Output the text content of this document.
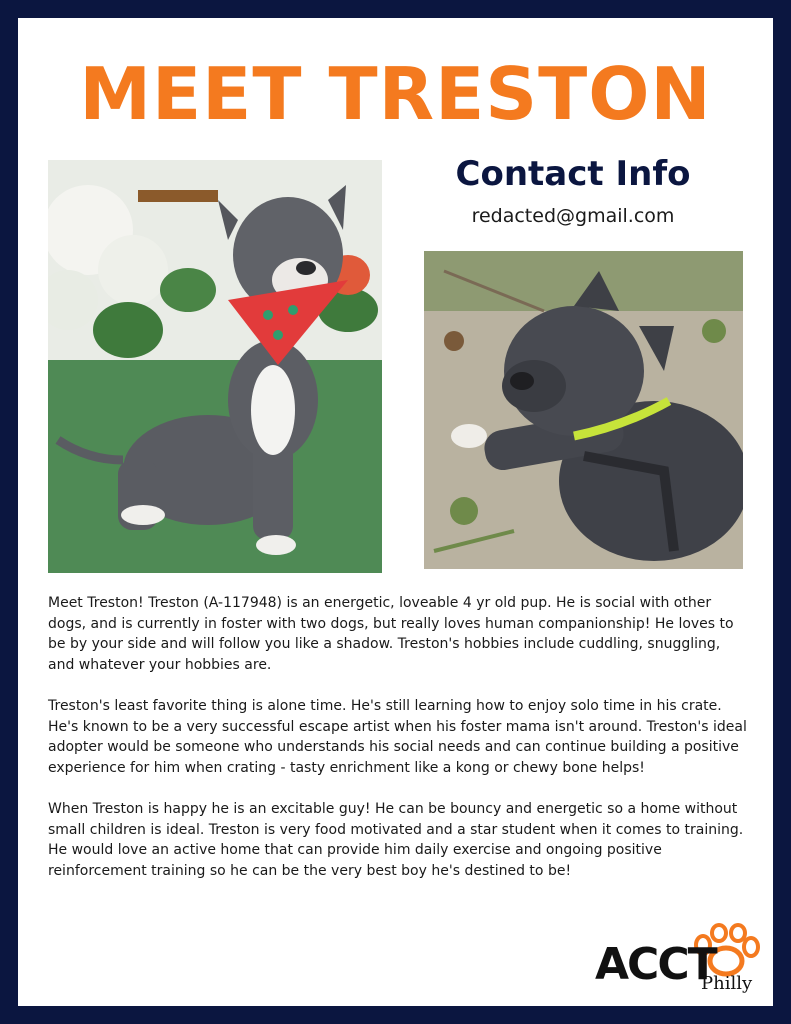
MEET TRESTON
Contact Info
redacted@gmail.com

Meet Treston! Treston (A-117948) is an energetic, loveable 4 yr old pup. He is social with other dogs, and is currently in foster with two dogs, but really loves human companionship! He loves to be by your side and will follow you like a shadow. Treston's hobbies include cuddling, snuggling, and whatever your hobbies are.

Treston's least favorite thing is alone time. He's still learning how to enjoy solo time in his crate. He's known to be a very successful escape artist when his foster mama isn't around. Treston's ideal adopter would be someone who understands his social needs and can continue building a positive experience for him when crating - tasty enrichment like a kong or chewy bone helps!

When Treston is happy he is an excitable guy! He can be bouncy and energetic so a home without small children is ideal. Treston is very food motivated and a star student when it comes to training. He would love an active home that can provide him daily exercise and ongoing positive reinforcement training so he can be the very best boy he's destined to be!

ACCT
Philly
